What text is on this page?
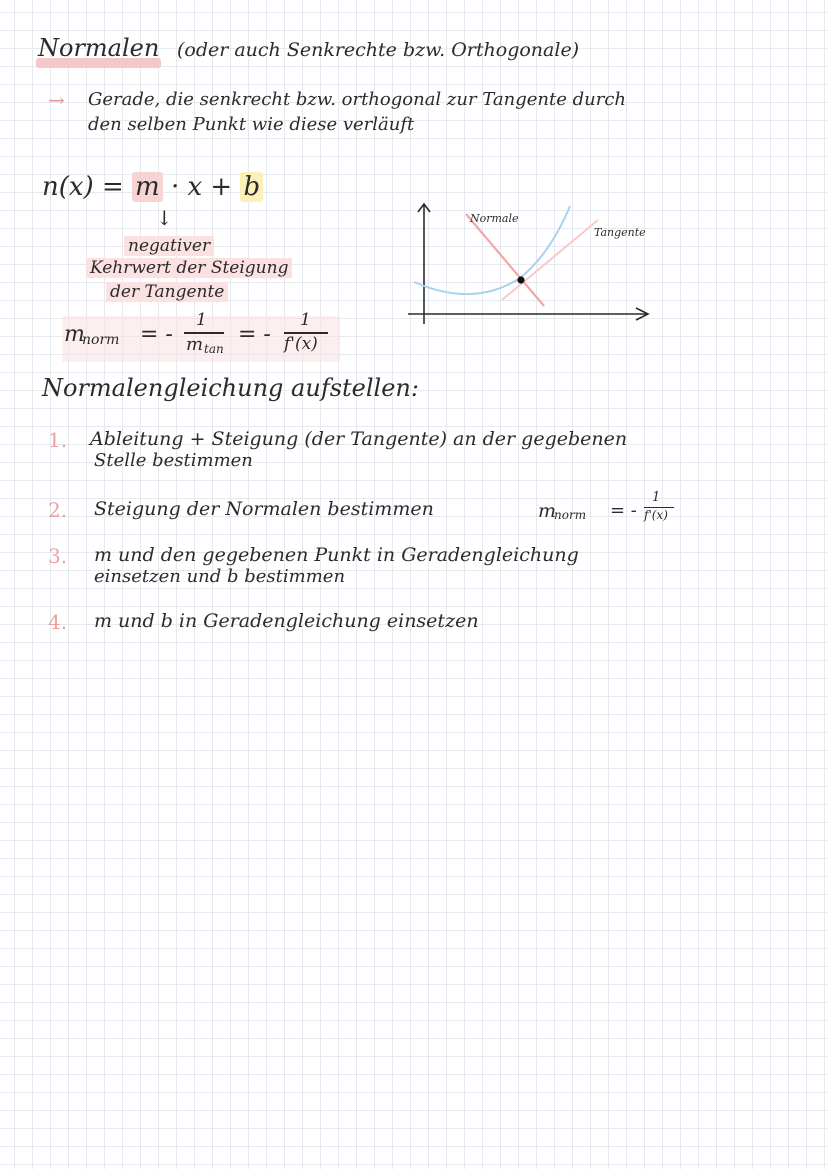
Normalen (oder auch Senkrechte bzw. Orthogonale)
→ Gerade, die senkrecht bzw. orthogonal zur Tangente durch
den selben Punkt wie diese verläuft
n(x) = m · x + b
↓
negativer
Kehrwert der Steigung
der Tangente
m
norm = -
1
m tan
= -
1
f'(x)
Normale
Tangente
Normalengleichung aufstellen:
1. Ableitung + Steigung (der Tangente) an der gegebenen
Stelle bestimmen
2. Steigung der Normalen bestimmen	m
norm = -
1
f'(x)
3. m und den gegebenen Punkt in Geradengleichung
einsetzen und b bestimmen
4. m und b in Geradengleichung einsetzen
